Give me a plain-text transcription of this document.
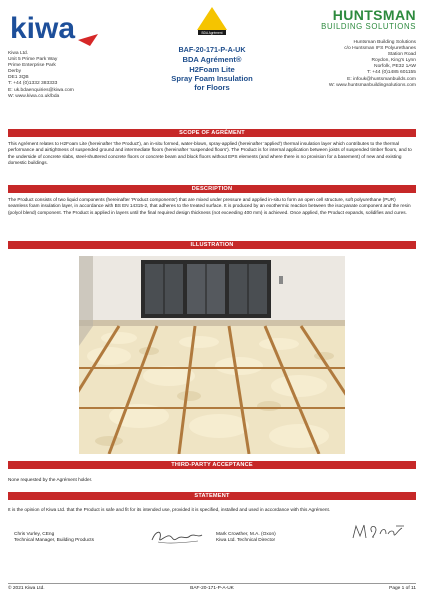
kiwa
Kiwa Ltd.
Unit 5 Prime Park Way
Prime Enterprise Park
Derby
DE1 3QB
T: +44 (0)1332 383333
E: uk.bdaenquiries@kiwa.com
W: www.kiwa.co.uk/bda
BDA Agrément
BAF-20-171-P-A-UK
BDA Agrément®
H2Foam Lite
Spray Foam Insulation
for Floors
HUNTSMAN
BUILDING SOLUTIONS
Huntsman Building Solutions
c/o Huntsman IFS Polyurethanes
Station Road
Roydon, King's Lynn
Norfolk, PE32 1AW
T: +44 (0)1485 601155
E: infouk@huntsmanbuilds.com
W: www.huntsmanbuildingsolutions.com
SCOPE OF AGRÉMENT
This Agrément relates to H2Foam Lite (hereinafter 'the Product'), an in-situ formed, water-blown, spray-applied (hereinafter 'applied') thermal insulation layer which contributes to the thermal performance and airtightness of suspended ground and intermediate floors (hereinafter 'suspended floors'). The Product is for internal application between joists of suspended timber floors, and to the underside of concrete slabs, steel-shuttered concrete floors or concrete beam and block floors without EPS elements (and where there is no provision for a basement) of new and existing domestic buildings.
DESCRIPTION
The Product consists of two liquid components (hereinafter 'Product components') that are mixed under pressure and applied in-situ to form an open cell structure, soft polyurethane (PUR) seamless foam insulation layer, in accordance with BS EN 14315-2, that adheres to the treated surface. It is produced by an exothermic reaction between the isocyanate component and the resin (polyol blend) component. The Product is applied in layers until the final required design thickness (not exceeding 400 mm) is achieved. Once applied, the Product expands, solidifies and cures.
ILLUSTRATION
THIRD-PARTY ACCEPTANCE
None requested by the Agrément holder.
STATEMENT
It is the opinion of Kiwa Ltd. that the Product is safe and fit for its intended use, provided it is specified, installed and used in accordance with this Agrément.
Chris Vurley, CEng
Technical Manager, Building Products
Mark Crowther, M.A. (Oxon)
Kiwa Ltd. Technical Director
© 2021 Kiwa Ltd.	BAF-20-171-P-A-UK	Page 1 of 11
